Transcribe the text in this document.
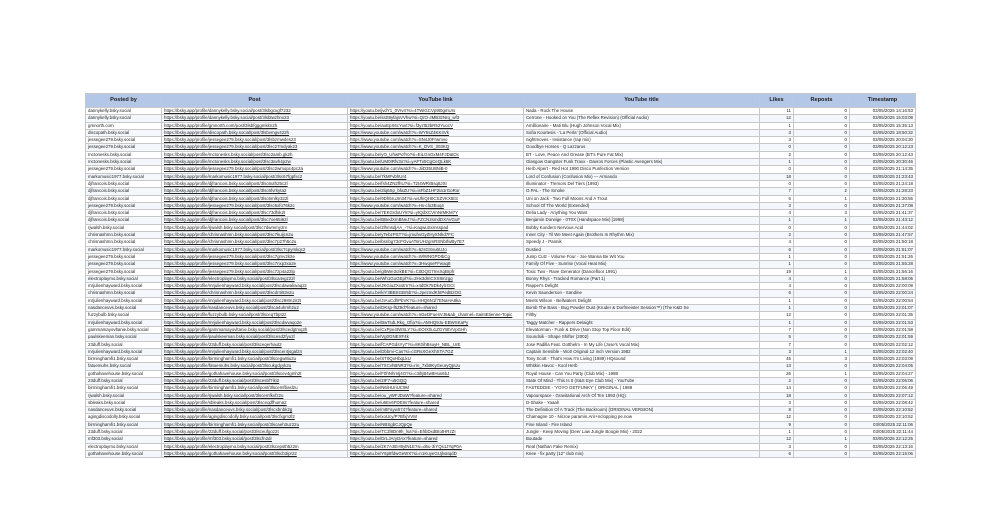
Posted by	Post	YouTube link	YouTube title	Likes	Reposts	Timestamp
dannykelly.bsky.social	https://bsky.app/profile/dannykelly.bsky.social/post/3lsbgcxgf7232	https://youtu.be/jvdY1_0Vrv4?si=4TWiGCVp9t0gmUrs	Nada - Rock The House	11	0	03/05/2025 14:16:53
dannykelly.bsky.social	https://bsky.app/profile/dannykelly.bsky.social/post/3lsbtwzhnx23	https://youtu.be/ssS9yfajsVVhw?si=QrO-JMB3zNrq_wf3	Cerrone - Hooked on You (The Reflex Revision) (Official Audio)	12	0	03/05/2025 15:03:09
gmnorth.com	https://bsky.app/profile/gmnorth.com/post/3lsbfgggmkkn2h	https://youtu.be/auEpX6cYovt?si=f3yzt52bR52YuocV	Amillionaire - Mati Blu (Hugh Johnson Vocal Mix)	1	0	03/05/2025 15:35:13
discopath.bsky.social	https://bsky.app/profile/discopath.bsky.social/post/3lsbvmgv422h	https://www.youtube.com/watch?v=WY5sZ4KK4Vk	Sofia Kourtesis - 'La Perla' (Official Audio)	3	0	03/05/2025 18:50:32
jessegee279.bsky.social	https://bsky.app/profile/jessegee279.bsky.social/post/3lsbzmwdes23	https://www.youtube.com/watch?v=SN4J0Frwmvo	nightmoves - Insistance (rap mix)	3	0	03/05/2025 20:04:30
jessegee279.bsky.social	https://bsky.app/profile/jessegee279.bsky.social/post/3lsc27mdyak23	https://www.youtube.com/watch?v=K_DVS_303KQ	Goodbye Horses - Q Lazzarus	0	0	03/05/2025 20:12:23
mctonesks.bsky.social	https://bsky.app/profile/mctonesks.bsky.social/post/3lsc2amb.gk2h	https://youtu.be/yO_UhwPofYo?si=EiLGnGxM4FJDatOc	BT - Love, Peace And Grease (BT's Pure Fat Mix)	2	0	03/05/2025 20:12:43
mctonesks.bsky.social	https://bsky.app/profile/mctonesks.bsky.social/post/3lsc3avh4p2w	https://youtu.be/UM0IRfv3o?si=yAFTx5CgCeQLk5K	Glasgow Gangster Funk Traxx - Davros Forces (Plastic Avengers Mix)	1	0	03/05/2025 20:30:46
jessegee279.bsky.social	https://bsky.app/profile/jessegee279.bsky.social/post/3lsc2wmopc4pc2a	https://www.youtube.com/watch?v=JiiD35U8NiB-0	Herb Alpert - Red Hot 1990 Disco Punfection Version	0	0	03/05/2025 21:14:35
markomusic1977.bsky.social	https://bsky.app/profile/markomusic1977.bsky.social/post/3lsc67fgpfsc2	https://youtu.be/7kMFvbhUr4	Lord of Confusion (Confusion Mix) --- Armando	18	0	03/05/2025 21:23:43
djfrancois.bsky.social	https://bsky.app/profile/djfrancois.bsky.social/post/3lsc6uth25c2l	https://youtu.be/fsh4ZN2fhU?si=T2t4WRrBsq8JXr	Illuminator - Tremors Del Tiers (1993)	0	0	03/05/2025 21:24:18
djfrancois.bsky.social	https://bsky.app/profile/djfrancois.bsky.social/post/3lsc6fvrkyta2	https://youtu.be/2lq6Sp_bfaZU?si=isFbZ1HF2Ia1rGoRor	O.PAL - The Smoke	7	2	03/05/2025 21:28:23
djfrancois.bsky.social	https://bsky.app/profile/djfrancois.bsky.social/post/3lsc6mlky322l	https://youtu.be/9Dh5ruJm34?si=wUhiQH0CSZVKXtES	Uni on Jack - Two Full Moons And A Trout	6	1	03/05/2025 21:30:55
jessegee279.bsky.social	https://bsky.app/profile/jessegee279.bsky.social/post/3lsc6xfo76k2c	https://www.youtube.com/watch?v=Hx-clu3Euq4	School Of The World (Extended)	3	0	03/05/2025 21:37:08
djfrancois.bsky.social	https://bsky.app/profile/djfrancois.bsky.social/post/3lsc73dfsk2t	https://youtu.be/7EKGrdxUY8?si=ytQdXCVrnNrMKM7Y	Delia Lady - Anything You Want	4	3	03/05/2025 21:41:37
djfrancois.bsky.social	https://bsky.app/profile/djfrancois.bsky.social/post/3lsc7oe65i62l	https://youtu.be/BBedXmBNeJ?si=FZCN2smdDXAVGuF	Benjamin Dorwige - 0T0X (Handspace Mix) [1998]	1	1	03/05/2025 21:43:12
rjwalsh.bsky.social	https://bsky.app/profile/rjwalsh.bsky.social/post/3lsc7dwmmy2rv	https://youtu.be/2lhmsdjAA_-?si=KaqwuSxmsspad	Bobby Konders Nervous Acid	0	0	03/05/2025 21:44:02
chrisnashmn.bsky.social	https://bsky.app/profile/chrisnashmn.bsky.social/post/3lsc7kuijcn2u	https://youtu.be/yTebzPST?si=jmuhvGyZHyXNhd7FC	Inner City - Til We Meet Again (Brothers In Rhythm Mix)	2	0	03/05/2025 21:47:57
chrisnashmn.bsky.social	https://bsky.app/profile/chrisnashmn.bsky.social/post/3lsc7p27h5c2u	https://youtu.be/bsnbg73cFGvuATsrUHzgmRSNbIfwBy7E7	Speedy J - Pannik	4	0	03/05/2025 21:50:18
markomusic1977.bsky.social	https://bsky.app/profile/markomusic1977.bsky.social/post/3lsc7cpymkqc2	https://www.youtube.com/watch?v=6zsGSvu6UJo	Dustied	6	0	03/05/2025 21:51:07
jessegee279.bsky.social	https://bsky.app/profile/jessegee279.bsky.social/post/3lsc7gmv2k2e	https://www.youtube.com/watch?v=WlWNGPDIbCg	Jump Cutz - Volume Four - Joe Wanna Be Wit You	1	0	03/05/2025 21:51:26
jessegee279.bsky.social	https://bsky.app/profile/jessegee279.bsky.social/post/3lsc7nxp3xa2e	https://www.youtube.com/watch?v=3HwqseFFwaq8	Family Of Five - Sunrise (Vocal Heat Mix)	1	0	03/05/2025 21:55:28
jessegee279.bsky.social	https://bsky.app/profile/jessegee279.bsky.social/post/3lsc7zp4a22lp	https://youtu.be/gl5We3cIkBE?si=C0DQG7InsXqBrpfr	Toxic Two - Rave Generator (Dancefloor 1991)	19	1	03/05/2025 21:56:16
electroplaymo.bsky.social	https://bsky.app/profile/electroplaymo.bsky.social/post/3lsca4vgz22l	https://youtu.be/Wh1GuGEpl?si=2Hx3dmCXX8mzgq	Bonny Rhys - Tracked Romance (Part 1)	4	0	03/05/2025 21:58:05
mrjulienhayward.bsky.social	https://bsky.app/profile/mrjulienhayward.bsky.social/post/3lscdawaliwaq2z	https://youtu.be/JKGiuZXxstm?si=x4dDk75Dk4ylzGCt	Rapper's Delight	4	0	03/05/2025 22:00:09
chrisnashmn.bsky.social	https://bsky.app/profile/chrisnashmn.bsky.social/post/3lscdr4i53v2u	https://youtu.be/kiY3BBSGBr5b?si=JpezmdKhIPedB2OG	Kevin Saunderson - Sandine	6	0	03/05/2025 22:00:24
mrjulienhayward.bsky.social	https://bsky.app/profile/mrjulienhayward.bsky.social/post/3lscz88m2ir2t	https://youtu.be/JIAuCdhPbVK?si=HHQ6N1f7ENaHA8ka	Meets Wilson - Bellwaters Delight	1	0	03/05/2025 22:00:54
nasdanceuvs.bsky.social	https://bsky.app/profile/nasdanceuvs.bsky.social/post/3lsca4uhmh2u2	https://youtu.be/DKsp-f6Z9d?feature=shared	Bomb The Bass - Bug Powder Dust (Kruder & Dorfmeister Session™) (The K&D Se	1	0	03/05/2025 22:01:07
fuzzybulb.bsky.social	https://bsky.app/profile/fuzzybulb.bsky.social/post/3lsceq7bpt2z	https://www.youtube.com/watch?v=nGeDFuesVJ6&ab_channel=SaintEtienne-Topic	Filthy	12	0	03/05/2025 22:01:35
mrjulienhayward.bsky.social	https://bsky.app/profile/mrjulienhayward.bsky.social/post/3lscdwvaqo2e	https://youtu.be/BwTsdLRkq_Ofia?si=AMHQ9Ju-EBWSKaPy	Taggy Matcher - Rappers Delaight	1	0	03/05/2025 22:01:53
gammamayovltanie.bsky.social	https://bsky.app/profile/gammamayovltanie.bsky.social/post/3lscedgtmq2h	https://youtu.be/CxPpe4tWSLY?si=EOIX0u1ZGYBtVVpGHh	Elevatorman - Funk & Drive (Non Stop Top Floor Edit)	7	0	03/05/2025 22:01:58
paulskeeman.bsky.social	https://bsky.app/profile/paulskeeman.bsky.social/post/3lscesd2fyu2l	https://youtu.be/Vg0GNEXF4k	Soundsik - Shape Shifter (2002)	5	0	03/05/2025 22:01:59
23duff.bsky.social	https://bsky.app/profile/23duff.bsky.social/post/3lsceqerhaut2	https://youtu.be/fCAPGdsYy7?si=8K0ihBsuyH_NBL_UrE	Jose Padilla Feat. Gotthelm - In My Life (Jose's Vocal Mix)	7	0	03/05/2025 22:02:12
mrjulienhayward.bsky.social	https://bsky.app/profile/mrjulienhayward.bsky.social/post/3lscer4jsgal24	https://youtu.be/Dbbmi-Cas?si=cGRsXGeXhSTA7GZ	Captain Sensible - Wot! Original 12 inch Version 1982	3	1	03/05/2025 22:02:40
birminghamfi1.bsky.social	https://bsky.app/profile/birminghamfi1.bsky.social/post/3lscegw8iu2u	https://youtu.be/ST0QxHbqLkU	Tony Scott - That's How I'm Living (1989) HQsound	45	3	03/05/2025 22:03:09
fatuemuhs.bsky.social	https://bsky.app/profile/fatuemuhs.bsky.social/post/3lscukgdyyk2u	https://youtu.be/7XCvhBNR3?si=rm_7xb8KyGeuryQpUu	Whitkin Havoc - Kool Herb	13	0	03/05/2025 22:04:05
gothahavehouse.bsky.social	https://bsky.app/profile/gothahavehouse.bsky.social/post/3lscev4gmh2t	https://youtu.be/F0hNhmtj4O?si=c3ihjB4w8Hus6bJ	Royal House - Can You Party (Club Mix) - 1988	26	1	03/05/2025 22:04:27
23duff.bsky.social	https://bsky.app/profile/23duff.bsky.social/post/3lscesbf7iki2	https://youtu.be/2IF7-u5GQQ	State Of Mind - This Is It (S&S Eye Club Mix) - YouTube	2	0	03/05/2025 22:06:06
birminghamfi1.bsky.social	https://bsky.app/profile/birminghamfi1.bsky.social/post/3lscemfbasl2u	https://youtu.be/N6iHUriUC9M	FASTEDDIE - 'YOYO GETFUNKY' ( ORIGINAL ) 1988	14	0	03/05/2025 22:06:49
rjwalsh.bsky.social	https://bsky.app/profile/rjwalsh.bsky.social/post/3lscemfkxfz2u	https://youtu.be/ou_yWFJDaW?feature=shared	Vapourspace - Gravitational Arch Of Ten 1993 (HQ)	18	0	03/05/2025 22:07:12
sbleaks.bsky.social	https://bsky.app/profile/sbleaks.bsky.social/post/3lsceqdfhuma2	https://youtu.be/u6Ev6FDE8s?feature=shared	D-Shake - Yaaah	3	0	03/05/2025 22:08:42
nasdanceuvs.bsky.social	https://bsky.app/profile/nasdanceuvs.bsky.social/post/3lscxbnbk2g	https://youtu.be/m8Fayw574?feature=shared	The Definition Of A Track (The Backroom) (ORIGINAL VERSION)	8	0	03/05/2025 22:10:52
agingdiscodolly.bsky.social	https://bsky.app/profile/agingdiscodolly.bsky.social/post/3lscfxgm2l2	https://youtu.be/xoUcy/P?BfxjVVM	Chamagne 10 - Nicroe paramin.Arir+nclopping pe.now	12	0	03/05/2025 22:10:52
birminghamfi1.bsky.social	https://bsky.app/profile/birminghamfi1.bsky.social/post/3lscaeh3uz22u	https://youtu.be/NBSgbCJQpQe	Fine Island - Fire Island	9	0	03/05/2025 22:11:06
23duff.bsky.social	https://bsky.app/profile/23duff.bsky.social/post/3lsceufgoz2t	https://youtu.be/TC2l8Dn9h_lsa?si=EhbDxdBtotHRzZI	Jungle - Keep Moving (Deer Law Jungle Boogie Mix) - 2022	1	0	03/05/2025 22:11:44
mf303.bsky.social	https://bsky.app/profile/mf303.bsky.social/post/3lscfn2dr	https://youtu.be/DrLJAryDAx?feature=shared	Boutade	12	1	03/05/2025 22:12:25
electroplaymo.bsky.social	https://bsky.app/profile/electroplaymo.bsky.social/post/3lscepsth5z2m	https://youtu.be/2K7A3EH8ytN1E?si=d6u-3iYQs1JYqP0A	Real (Nathan Fake Remix)	3	0	03/05/2025 22:13:16
gothahavehouse.bsky.social	https://bsky.app/profile/gothahavehouse.bsky.social/post/3lscb3ipr22	https://youtu.be/Y6p8fdwGeWX?si=n1KuyeGUjlvatqdD	Knee - fix party (12" club mix)	6	0	03/05/2025 22:15:06
